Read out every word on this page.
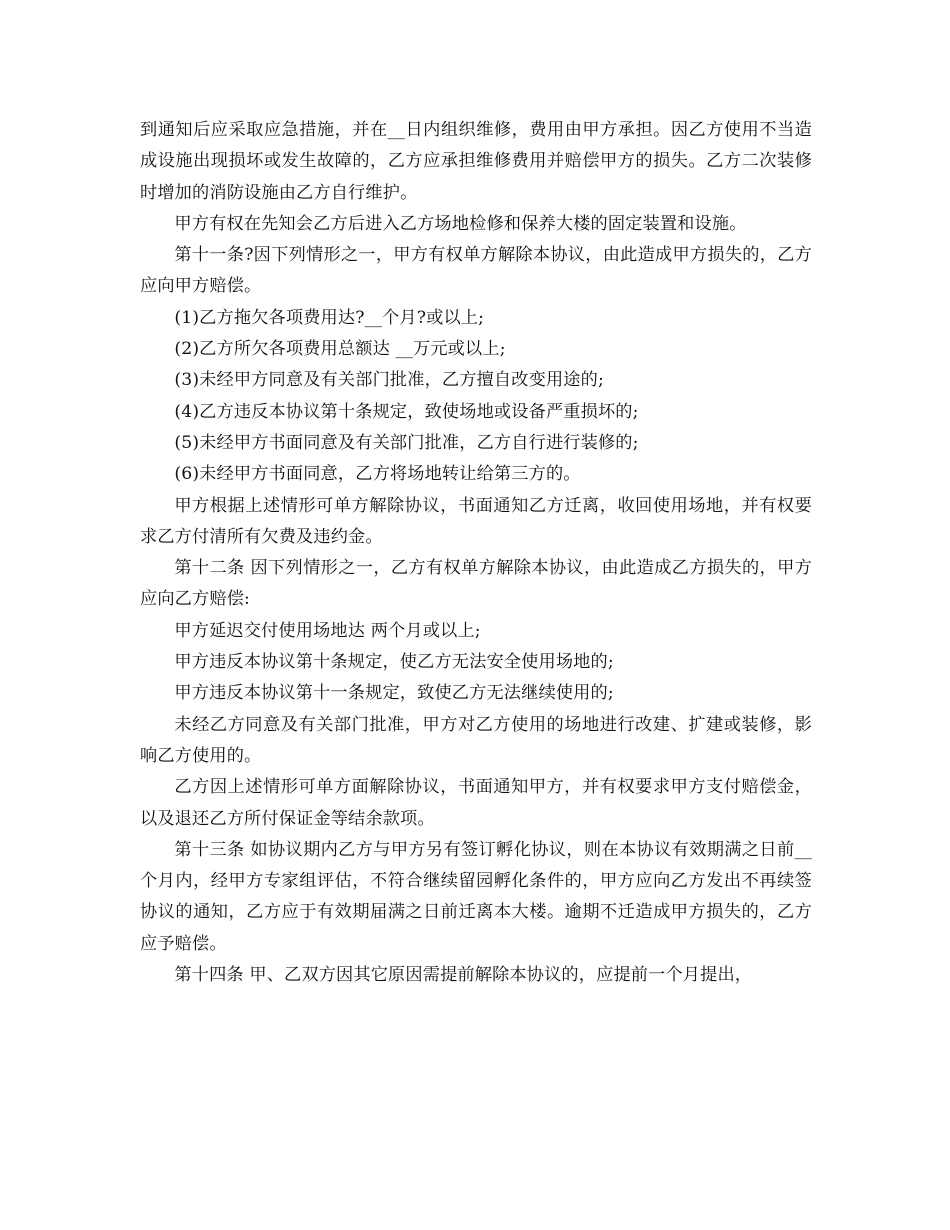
到通知后应采取应急措施，并在__日内组织维修，费用由甲方承担。因乙方使用不当造成设施出现损坏或发生故障的，乙方应承担维修费用并赔偿甲方的损失。乙方二次装修时增加的消防设施由乙方自行维护。

甲方有权在先知会乙方后进入乙方场地检修和保养大楼的固定装置和设施。

第十一条?因下列情形之一，甲方有权单方解除本协议，由此造成甲方损失的，乙方应向甲方赔偿。

(1)乙方拖欠各项费用达?__个月?或以上;

(2)乙方所欠各项费用总额达 __万元或以上;

(3)未经甲方同意及有关部门批准，乙方擅自改变用途的;

(4)乙方违反本协议第十条规定，致使场地或设备严重损坏的;

(5)未经甲方书面同意及有关部门批准，乙方自行进行装修的;

(6)未经甲方书面同意，乙方将场地转让给第三方的。

甲方根据上述情形可单方解除协议，书面通知乙方迁离，收回使用场地，并有权要求乙方付清所有欠费及违约金。

第十二条 因下列情形之一，乙方有权单方解除本协议，由此造成乙方损失的，甲方应向乙方赔偿:

甲方延迟交付使用场地达 两个月或以上;

甲方违反本协议第十条规定，使乙方无法安全使用场地的;

甲方违反本协议第十一条规定，致使乙方无法继续使用的;

未经乙方同意及有关部门批准，甲方对乙方使用的场地进行改建、扩建或装修，影响乙方使用的。

乙方因上述情形可单方面解除协议，书面通知甲方，并有权要求甲方支付赔偿金，以及退还乙方所付保证金等结余款项。

第十三条 如协议期内乙方与甲方另有签订孵化协议，则在本协议有效期满之日前__个月内，经甲方专家组评估，不符合继续留园孵化条件的，甲方应向乙方发出不再续签协议的通知，乙方应于有效期届满之日前迁离本大楼。逾期不迁造成甲方损失的，乙方应予赔偿。

第十四条 甲、乙双方因其它原因需提前解除本协议的，应提前一个月提出，
